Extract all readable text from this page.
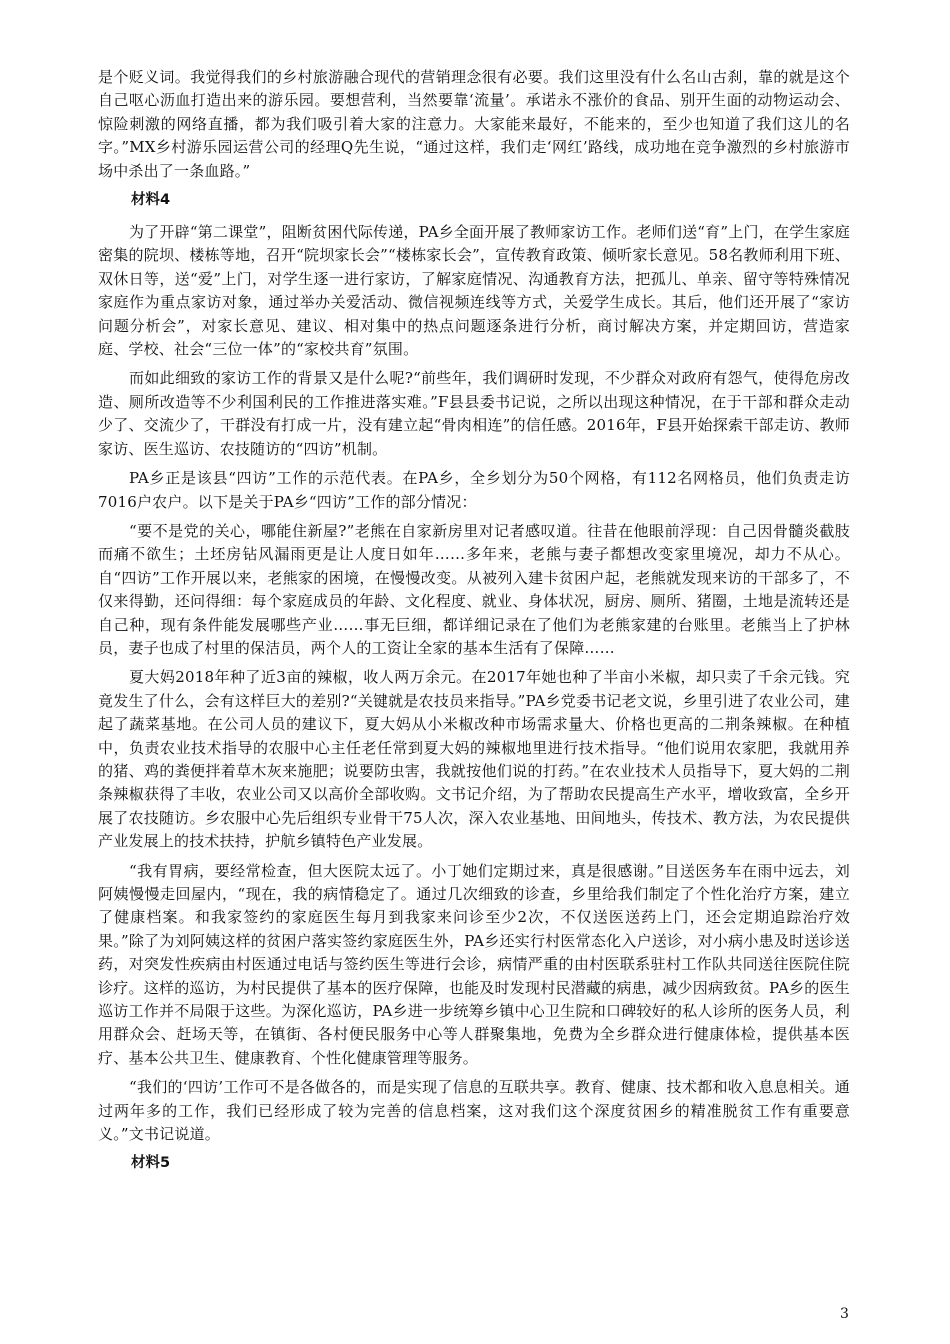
是个贬义词。我觉得我们的乡村旅游融合现代的营销理念很有必要。我们这里没有什么名山古刹，靠的就是这个自己呕心沥血打造出来的游乐园。要想营利，当然要靠‘流量’。承诺永不涨价的食品、别开生面的动物运动会、惊险刺激的网络直播，都为我们吸引着大家的注意力。大家能来最好，不能来的，至少也知道了我们这儿的名字。”MX乡村游乐园运营公司的经理Q先生说，“通过这样，我们走‘网红’路线，成功地在竞争激烈的乡村旅游市场中杀出了一条血路。”

材料4

为了开辟“第二课堂”，阻断贫困代际传递，PA乡全面开展了教师家访工作。老师们送“育”上门，在学生家庭密集的院坝、楼栋等地，召开“院坝家长会”“楼栋家长会”，宣传教育政策、倾听家长意见。58名教师利用下班、双休日等，送“爱”上门，对学生逐一进行家访，了解家庭情况、沟通教育方法，把孤儿、单亲、留守等特殊情况家庭作为重点家访对象，通过举办关爱活动、微信视频连线等方式，关爱学生成长。其后，他们还开展了“家访问题分析会”，对家长意见、建议、相对集中的热点问题逐条进行分析，商讨解决方案，并定期回访，营造家庭、学校、社会“三位一体”的“家校共育”氛围。

而如此细致的家访工作的背景又是什么呢?“前些年，我们调研时发现，不少群众对政府有怨气，使得危房改造、厕所改造等不少利国利民的工作推进落实难。”F县县委书记说，之所以出现这种情况，在于干部和群众走动少了、交流少了，干群没有打成一片，没有建立起“骨肉相连”的信任感。2016年，F县开始探索干部走访、教师家访、医生巡访、农技随访的“四访”机制。

PA乡正是该县“四访”工作的示范代表。在PA乡，全乡划分为50个网格，有112名网格员，他们负责走访7016户农户。以下是关于PA乡“四访”工作的部分情况：

“要不是党的关心，哪能住新屋?”老熊在自家新房里对记者感叹道。往昔在他眼前浮现：自己因骨髓炎截肢而痛不欲生；土坯房钻风漏雨更是让人度日如年……多年来，老熊与妻子都想改变家里境况，却力不从心。自“四访”工作开展以来，老熊家的困境，在慢慢改变。从被列入建卡贫困户起，老熊就发现来访的干部多了，不仅来得勤，还问得细：每个家庭成员的年龄、文化程度、就业、身体状况，厨房、厕所、猪圈，土地是流转还是自己种，现有条件能发展哪些产业……事无巨细，都详细记录在了他们为老熊家建的台账里。老熊当上了护林员，妻子也成了村里的保洁员，两个人的工资让全家的基本生活有了保障……

夏大妈2018年种了近3亩的辣椒，收人两万余元。在2017年她也种了半亩小米椒，却只卖了千余元钱。究竟发生了什么，会有这样巨大的差别?“关键就是农技员来指导。”PA乡党委书记老文说，乡里引进了农业公司，建起了蔬菜基地。在公司人员的建议下，夏大妈从小米椒改种市场需求量大、价格也更高的二荆条辣椒。在种植中，负责农业技术指导的农服中心主任老任常到夏大妈的辣椒地里进行技术指导。“他们说用农家肥，我就用养的猪、鸡的粪便拌着草木灰来施肥；说要防虫害，我就按他们说的打药。”在农业技术人员指导下，夏大妈的二荆条辣椒获得了丰收，农业公司又以高价全部收购。文书记介绍，为了帮助农民提高生产水平，增收致富，全乡开展了农技随访。乡农服中心先后组织专业骨干75人次，深入农业基地、田间地头，传技术、教方法，为农民提供产业发展上的技术扶持，护航乡镇特色产业发展。

“我有胃病，要经常检查，但大医院太远了。小丁她们定期过来，真是很感谢。”目送医务车在雨中远去，刘阿姨慢慢走回屋内，“现在，我的病情稳定了。通过几次细致的诊查，乡里给我们制定了个性化治疗方案，建立了健康档案。和我家签约的家庭医生每月到我家来问诊至少2次，不仅送医送药上门，还会定期追踪治疗效果。”除了为刘阿姨这样的贫困户落实签约家庭医生外，PA乡还实行村医常态化入户送诊，对小病小患及时送诊送药，对突发性疾病由村医通过电话与签约医生等进行会诊，病情严重的由村医联系驻村工作队共同送往医院住院诊疗。这样的巡访，为村民提供了基本的医疗保障，也能及时发现村民潜藏的病患，减少因病致贫。PA乡的医生巡访工作并不局限于这些。为深化巡访，PA乡进一步统筹乡镇中心卫生院和口碑较好的私人诊所的医务人员，利用群众会、赶场天等，在镇街、各村便民服务中心等人群聚集地，免费为全乡群众进行健康体检，提供基本医疗、基本公共卫生、健康教育、个性化健康管理等服务。

“我们的‘四访’工作可不是各做各的，而是实现了信息的互联共享。教育、健康、技术都和收入息息相关。通过两年多的工作，我们已经形成了较为完善的信息档案，这对我们这个深度贫困乡的精准脱贫工作有重要意义。”文书记说道。

材料5
3
